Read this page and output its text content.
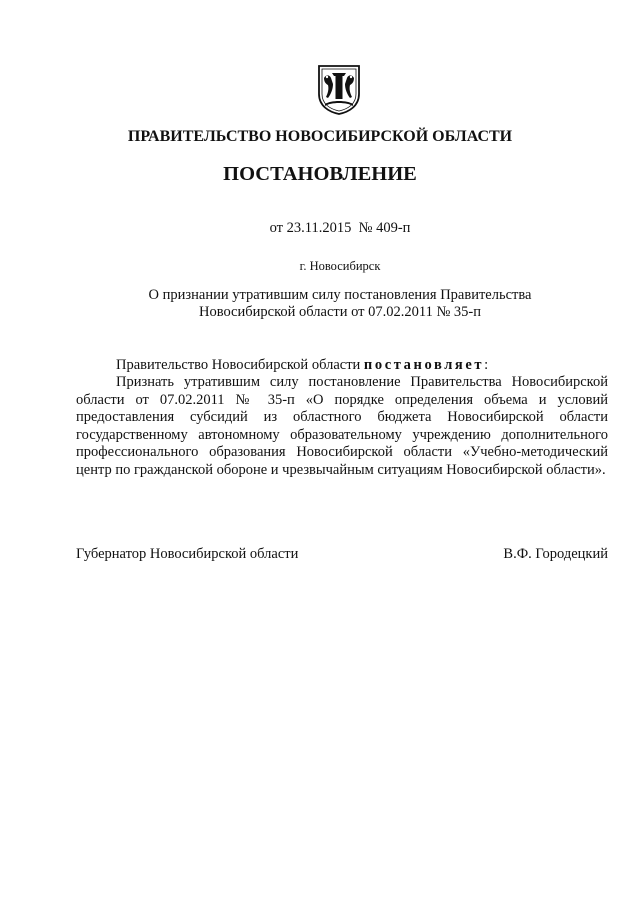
ПРАВИТЕЛЬСТВО НОВОСИБИРСКОЙ ОБЛАСТИ
ПОСТАНОВЛЕНИЕ
от 23.11.2015 № 409-п
г. Новосибирск
О признании утратившим силу постановления Правительства
Новосибирской области от 07.02.2011 № 35-п
Правительство Новосибирской области постановляет:
Признать утратившим силу постановление Правительства Новосибирской области от 07.02.2011 № 35-п «О порядке определения объема и условий предоставления субсидий из областного бюджета Новосибирской области государственному автономному образовательному учреждению дополнительного профессионального образования Новосибирской области «Учебно-методический центр по гражданской обороне и чрезвычайным ситуациям Новосибирской области».
Губернатор Новосибирской области	В.Ф. Городецкий
